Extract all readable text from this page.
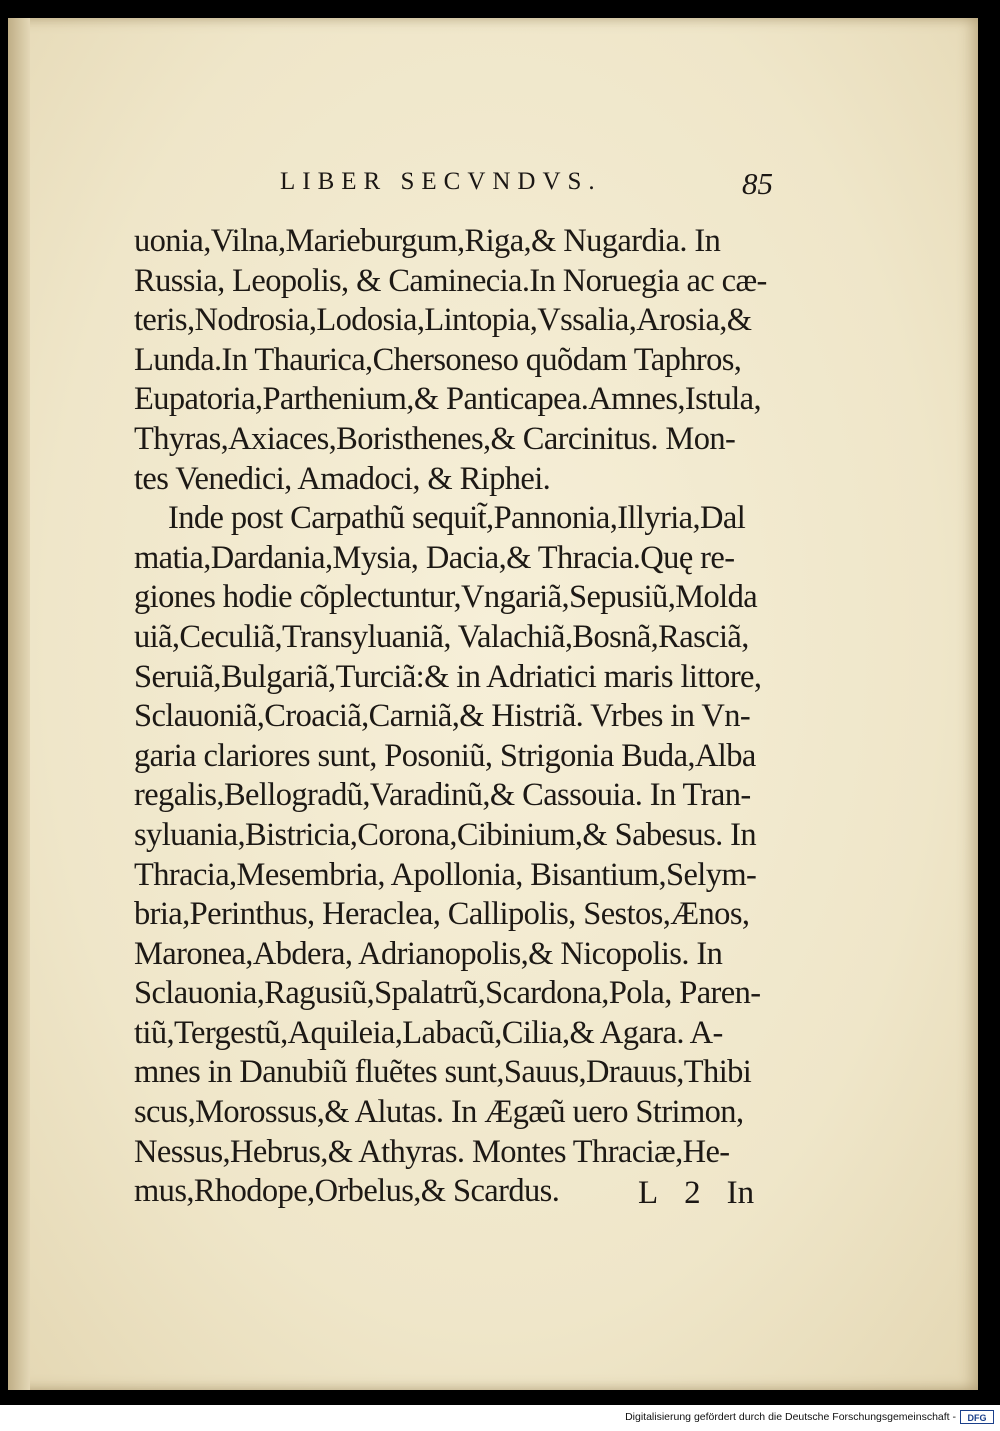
LIBER SECVNDVS.	85
uonia,Vilna,Marieburgum,Riga,& Nugardia. In
Russia, Leopolis, & Caminecia.In Noruegia ac cæ-
teris,Nodrosia,Lodosia,Lintopia,Vssalia,Arosia,&
Lunda.In Thaurica,Chersoneso quõdam Taphros,
Eupatoria,Parthenium,& Panticapea.Amnes,Istula,
Thyras,Axiaces,Boristhenes,& Carcinitus. Mon-
tes Venedici, Amadoci, & Riphei.
Inde post Carpathũ sequit̃,Pannonia,Illyria,Dal
matia,Dardania,Mysia, Dacia,& Thracia.Quę re-
giones hodie cõplectuntur,Vngariã,Sepusiũ,Molda
uiã,Ceculiã,Transyluaniã, Valachiã,Bosnã,Rasciã,
Seruiã,Bulgariã,Turciã:& in Adriatici maris littore,
Sclauoniã,Croaciã,Carniã,& Histriã. Vrbes in Vn-
garia clariores sunt, Posoniũ, Strigonia Buda,Alba
regalis,Bellogradũ,Varadinũ,& Cassouia. In Tran-
syluania,Bistricia,Corona,Cibinium,& Sabesus. In
Thracia,Mesembria, Apollonia, Bisantium,Selym-
bria,Perinthus, Heraclea, Callipolis, Sestos,Ænos,
Maronea,Abdera, Adrianopolis,& Nicopolis. In
Sclauonia,Ragusiũ,Spalatrũ,Scardona,Pola, Paren-
tiũ,Tergestũ,Aquileia,Labacũ,Cilia,& Agara. A-
mnes in Danubiũ fluẽtes sunt,Sauus,Drauus,Thibi
scus,Morossus,& Alutas. In Ægæũ uero Strimon,
Nessus,Hebrus,& Athyras. Montes Thraciæ,He-
mus,Rhodope,Orbelus,& Scardus.	L 2 In
Digitalisierung gefördert durch die Deutsche Forschungsgemeinschaft -	DFG
